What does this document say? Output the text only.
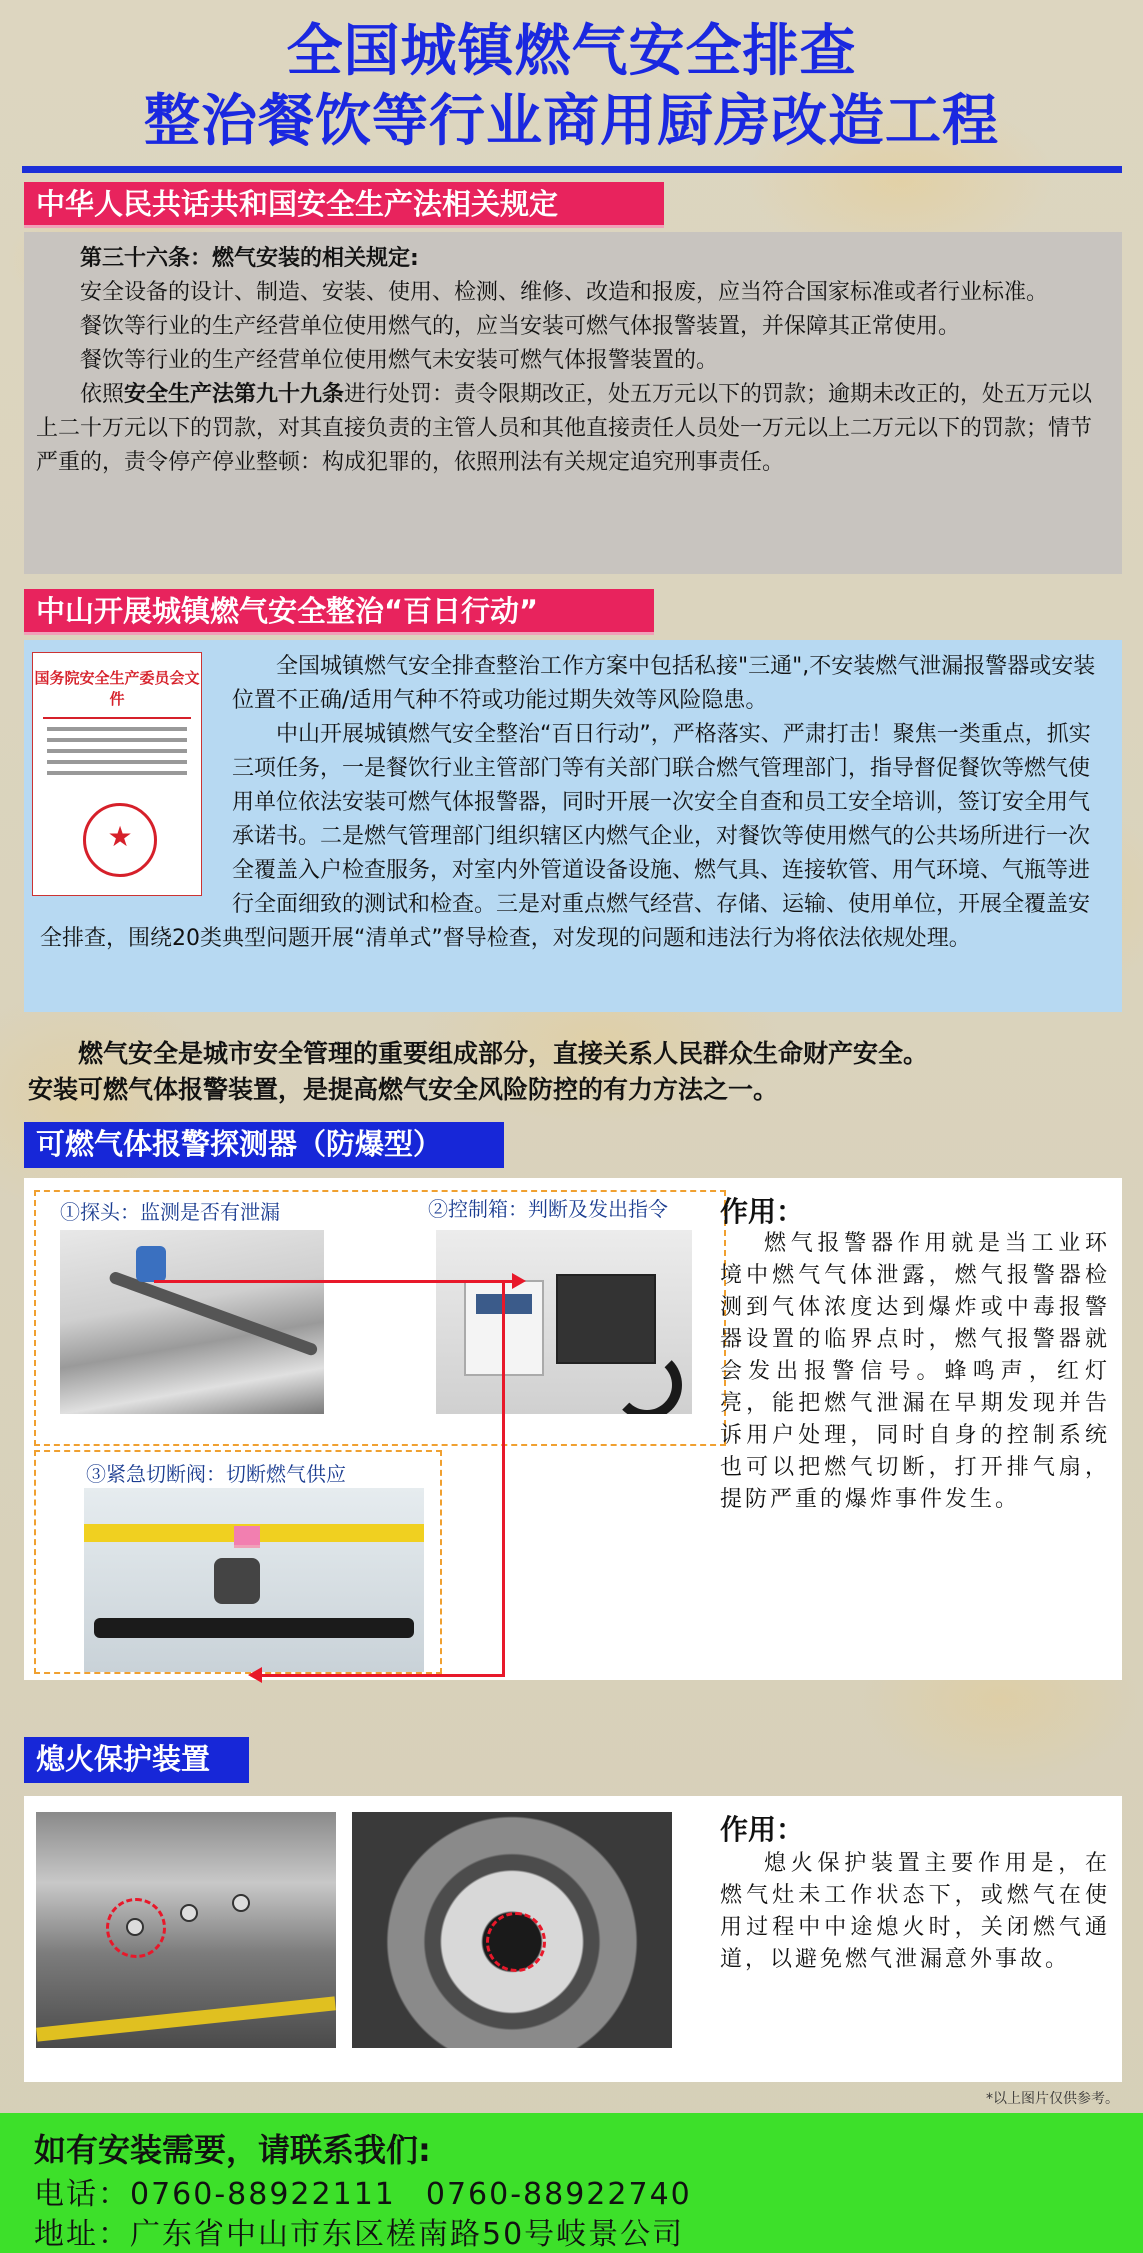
全国城镇燃气安全排查
整治餐饮等行业商用厨房改造工程
中华人民共话共和国安全生产法相关规定

第三十六条：燃气安装的相关规定:

安全设备的设计、制造、安装、使用、检测、维修、改造和报废，应当符合国家标准或者行业标准。

餐饮等行业的生产经营单位使用燃气的，应当安装可燃气体报警装置，并保障其正常使用。

餐饮等行业的生产经营单位使用燃气未安装可燃气体报警装置的。

依照安全生产法第九十九条进行处罚：责令限期改正，处五万元以下的罚款；逾期未改正的，处五万元以上二十万元以下的罚款，对其直接负责的主管人员和其他直接责任人员处一万元以上二万元以下的罚款；情节严重的，责令停产停业整顿：构成犯罪的，依照刑法有关规定追究刑事责任。

中山开展城镇燃气安全整治“百日行动”

全国城镇燃气安全排查整治工作方案中包括私接"三通",不安装燃气泄漏报警器或安装位置不正确/适用气种不符或功能过期失效等风险隐患。

中山开展城镇燃气安全整治“百日行动”，严格落实、严肃打击！聚焦一类重点，抓实三项任务，一是餐饮行业主管部门等有关部门联合燃气管理部门，指导督促餐饮等燃气使用单位依法安装可燃气体报警器，同时开展一次安全自查和员工安全培训，签订安全用气承诺书。二是燃气管理部门组织辖区内燃气企业，对餐饮等使用燃气的公共场所进行一次全覆盖入户检查服务，对室内外管道设备设施、燃气具、连接软管、用气环境、气瓶等进行全面细致的测试和检查。三是对重点燃气经营、存储、运输、使用单位，开展全覆盖安全排查，围绕20类典型问题开展“清单式”督导检查，对发现的问题和违法行为将依法依规处理。

国务院安全生产委员会文件
★
燃气安全是城市安全管理的重要组成部分，直接关系人民群众生命财产安全。
安装可燃气体报警装置，是提高燃气安全风险防控的有力方法之一。
可燃气体报警探测器（防爆型）
①探头：监测是否有泄漏	②控制箱：判断及发出指令
③紧急切断阀：切断燃气供应
作用：
燃气报警器作用就是当工业环境中燃气气体泄露，燃气报警器检测到气体浓度达到爆炸或中毒报警器设置的临界点时，燃气报警器就会发出报警信号。蜂鸣声，红灯亮，能把燃气泄漏在早期发现并告诉用户处理，同时自身的控制系统也可以把燃气切断，打开排气扇，提防严重的爆炸事件发生。
熄火保护装置
作用：
熄火保护装置主要作用是，在燃气灶未工作状态下，或燃气在使用过程中中途熄火时，关闭燃气通道，以避免燃气泄漏意外事故。
*以上图片仅供参考。
如有安装需要，请联系我们:
电话：0760-88922111 0760-88922740
地址：广东省中山市东区槎南路50号岐景公司
